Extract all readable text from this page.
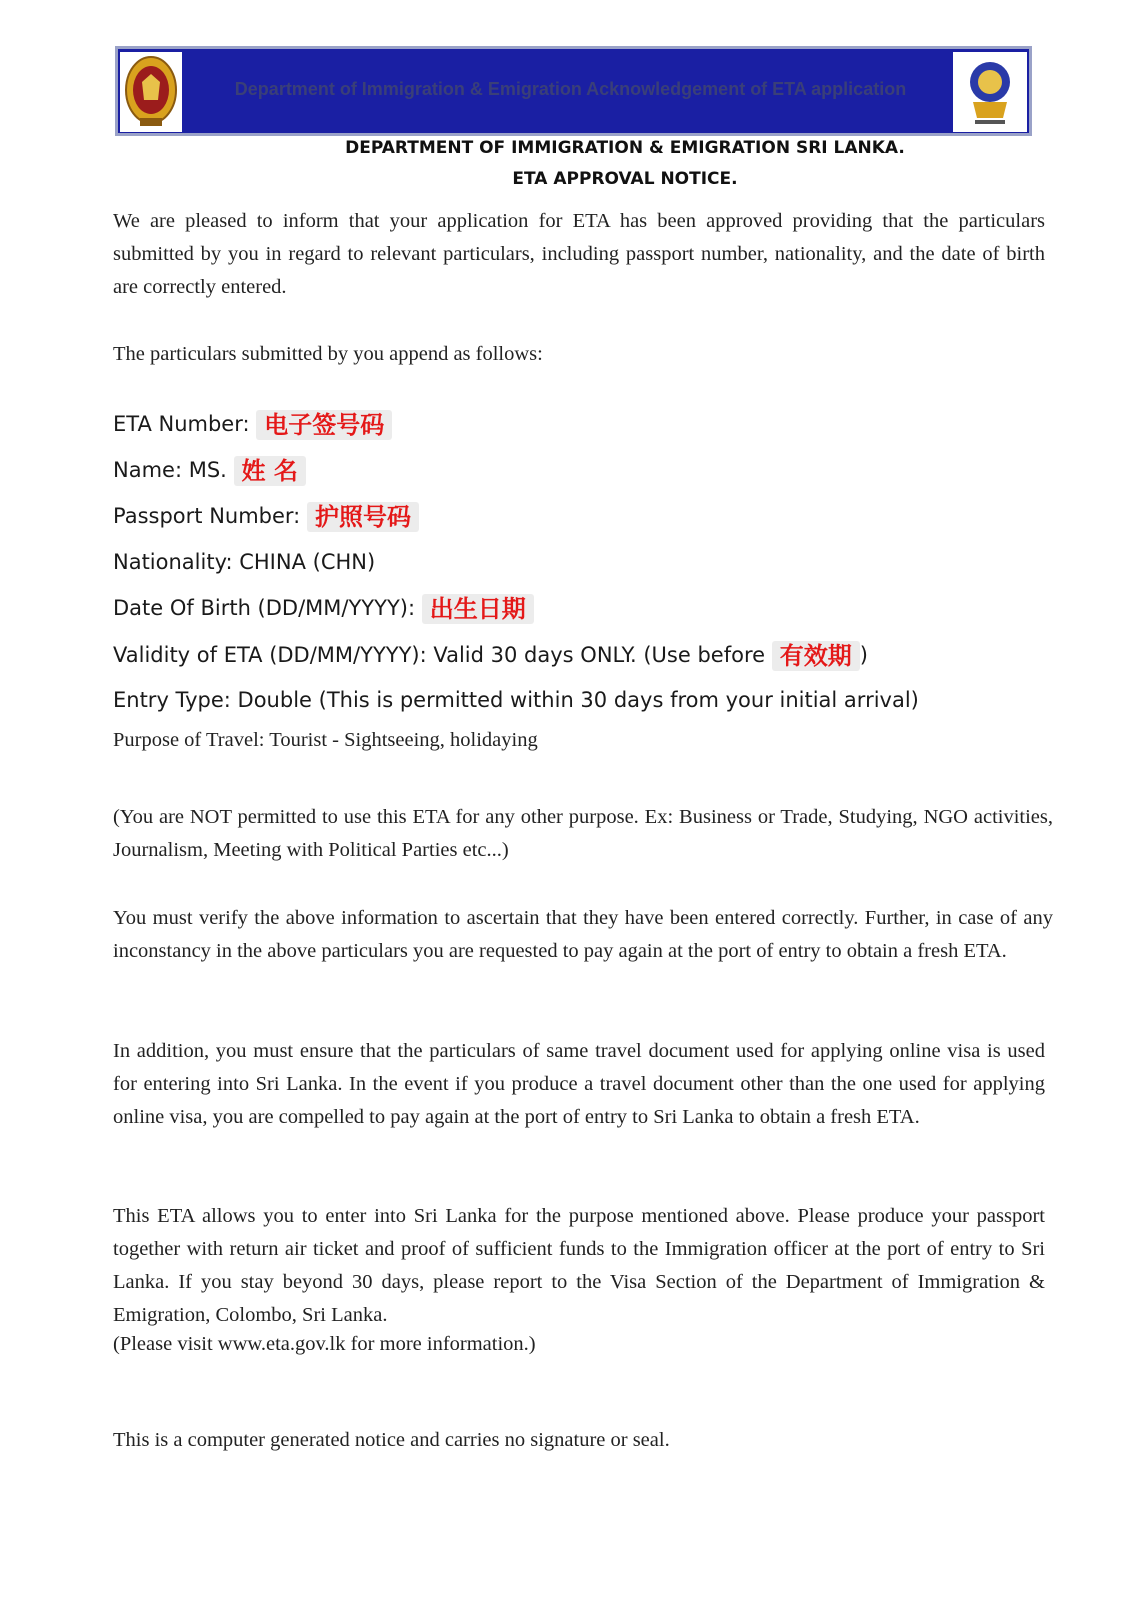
Department of Immigration & Emigration Acknowledgement of ETA application
DEPARTMENT OF IMMIGRATION & EMIGRATION SRI LANKA.
ETA APPROVAL NOTICE.

We are pleased to inform that your application for ETA has been approved providing that the particulars submitted by you in regard to relevant particulars, including passport number, nationality, and the date of birth are correctly entered.

The particulars submitted by you append as follows:

ETA Number: 电子签号码
Name: MS. 姓 名
Passport Number: 护照号码
Nationality: CHINA (CHN)
Date Of Birth (DD/MM/YYYY): 出生日期
Validity of ETA (DD/MM/YYYY): Valid 30 days ONLY. (Use before 有效期 )
Entry Type: Double (This is permitted within 30 days from your initial arrival)

Purpose of Travel: Tourist - Sightseeing, holidaying

(You are NOT permitted to use this ETA for any other purpose. Ex: Business or Trade, Studying, NGO activities, Journalism, Meeting with Political Parties etc...)

You must verify the above information to ascertain that they have been entered correctly. Further, in case of any inconstancy in the above particulars you are requested to pay again at the port of entry to obtain a fresh ETA.

In addition, you must ensure that the particulars of same travel document used for applying online visa is used for entering into Sri Lanka. In the event if you produce a travel document other than the one used for applying online visa, you are compelled to pay again at the port of entry to Sri Lanka to obtain a fresh ETA.

This ETA allows you to enter into Sri Lanka for the purpose mentioned above. Please produce your passport together with return air ticket and proof of sufficient funds to the Immigration officer at the port of entry to Sri Lanka. If you stay beyond 30 days, please report to the Visa Section of the Department of Immigration & Emigration, Colombo, Sri Lanka.

(Please visit www.eta.gov.lk for more information.)

This is a computer generated notice and carries no signature or seal.
